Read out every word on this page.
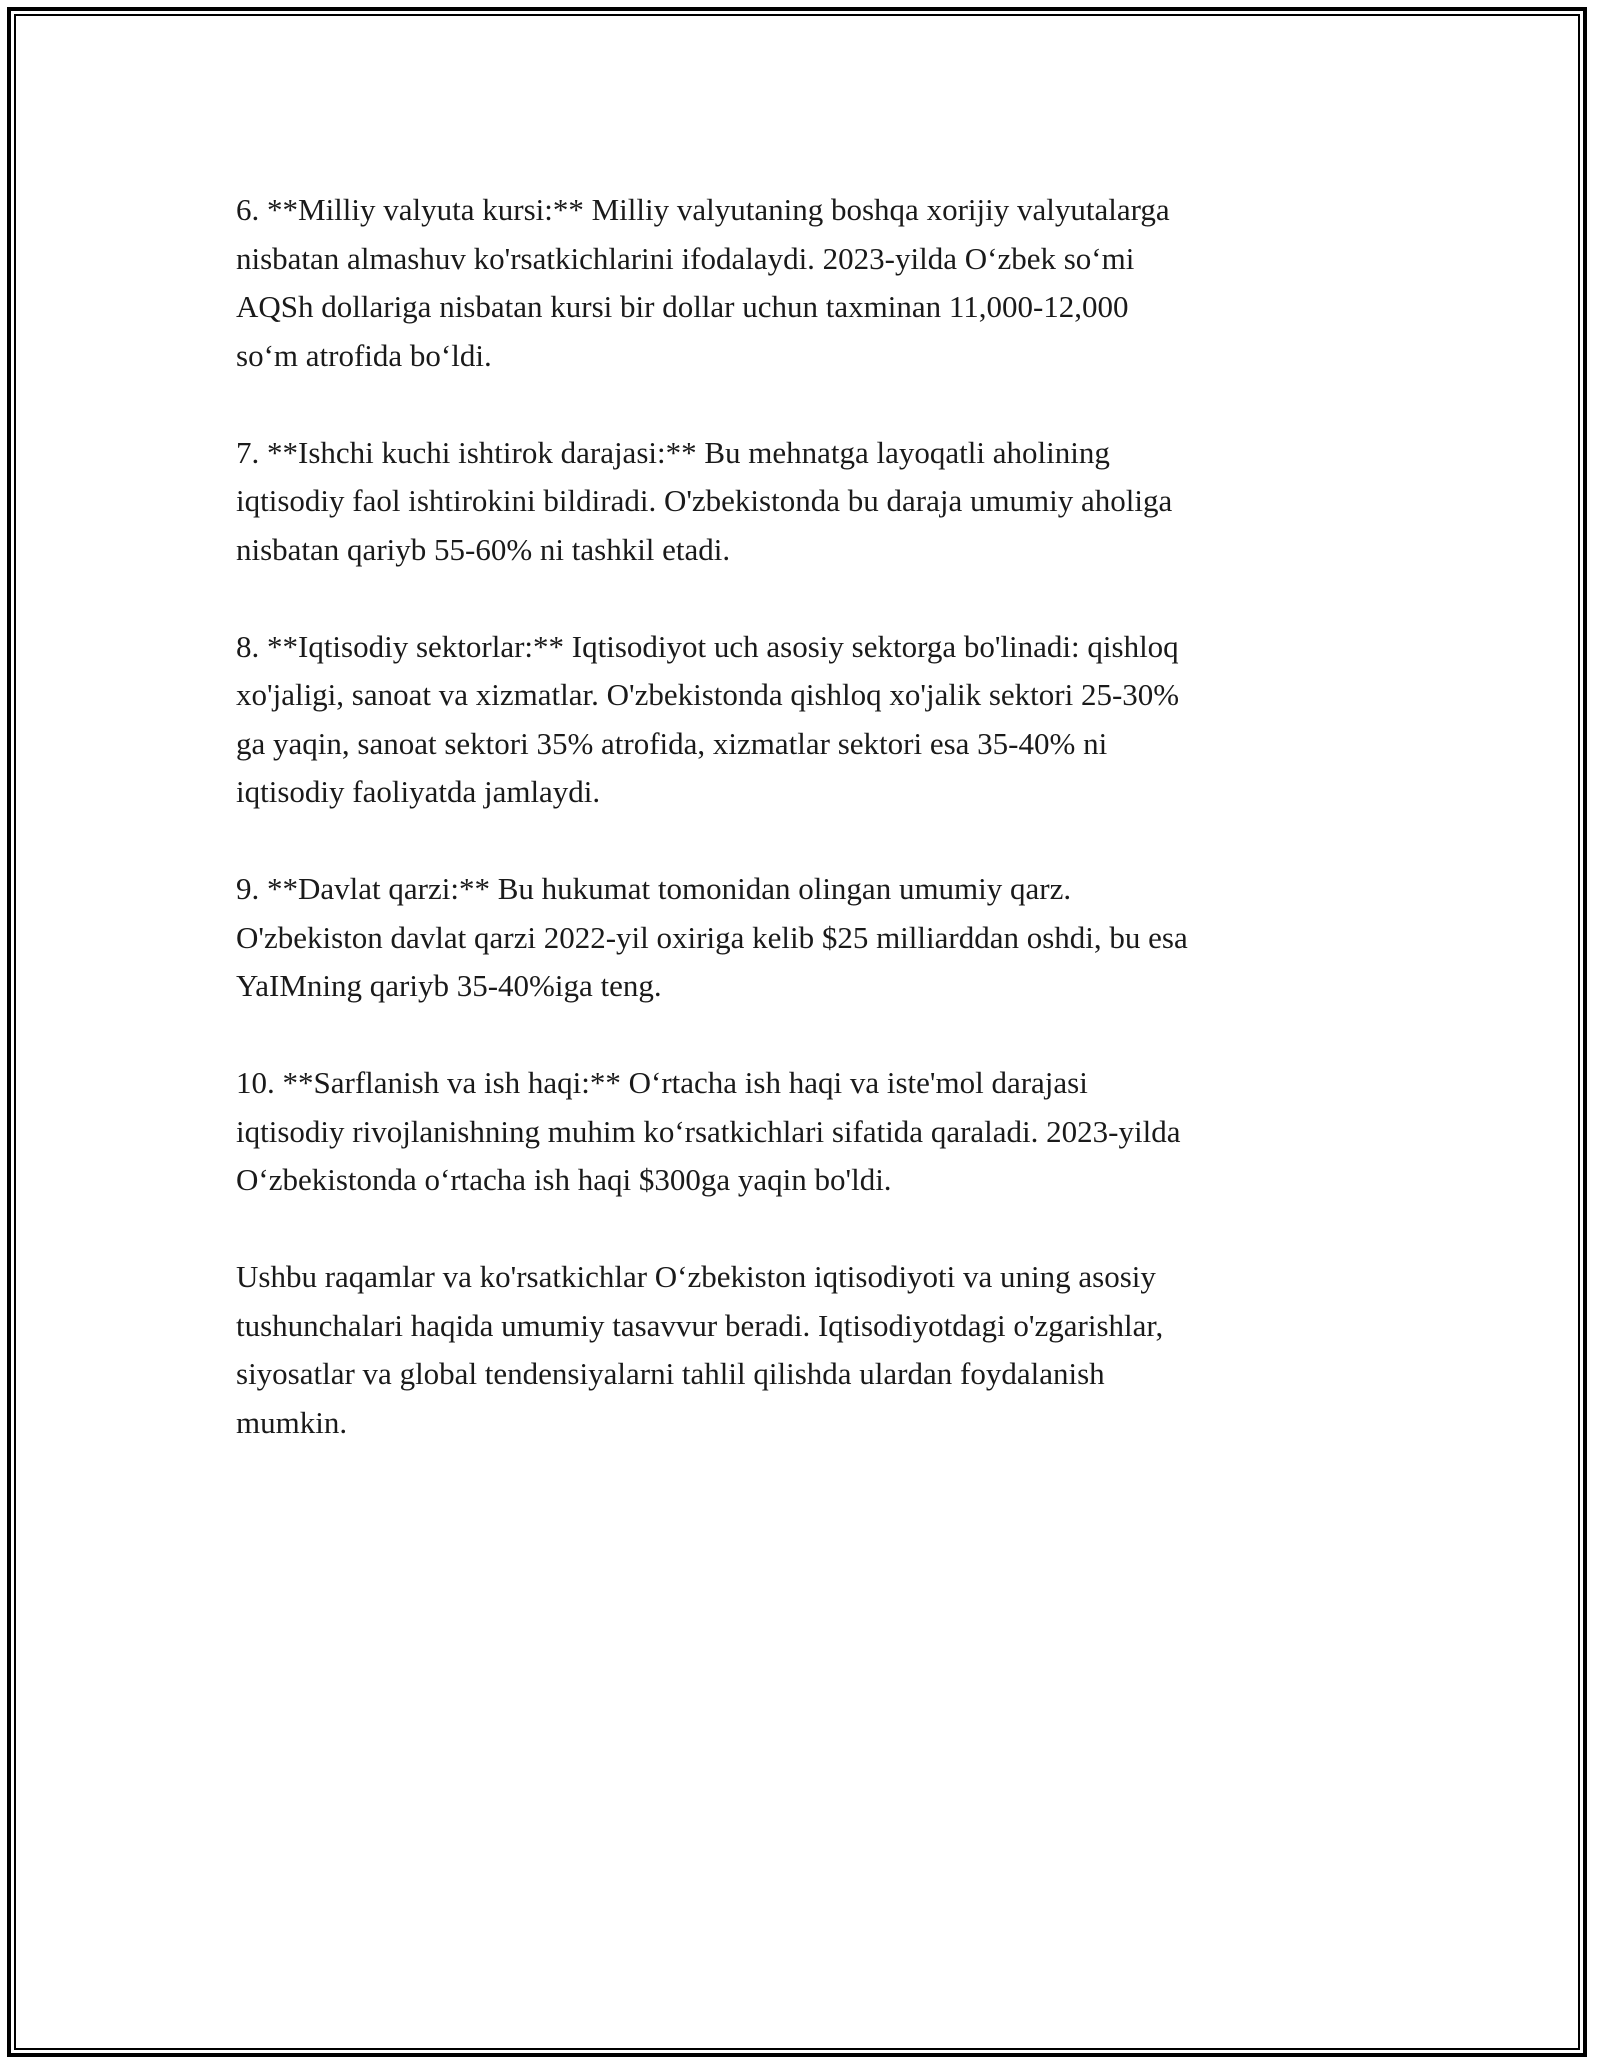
6. **Milliy valyuta kursi:** Milliy valyutaning boshqa xorijiy valyutalarga
nisbatan almashuv ko'rsatkichlarini ifodalaydi. 2023-yilda O‘zbek so‘mi
AQSh dollariga nisbatan kursi bir dollar uchun taxminan 11,000-12,000
so‘m atrofida bo‘ldi.

7. **Ishchi kuchi ishtirok darajasi:** Bu mehnatga layoqatli aholining
iqtisodiy faol ishtirokini bildiradi. O'zbekistonda bu daraja umumiy aholiga
nisbatan qariyb 55-60% ni tashkil etadi.

8. **Iqtisodiy sektorlar:** Iqtisodiyot uch asosiy sektorga bo'linadi: qishloq
xo'jaligi, sanoat va xizmatlar. O'zbekistonda qishloq xo'jalik sektori 25-30%
ga yaqin, sanoat sektori 35% atrofida, xizmatlar sektori esa 35-40% ni
iqtisodiy faoliyatda jamlaydi.

9. **Davlat qarzi:** Bu hukumat tomonidan olingan umumiy qarz.
O'zbekiston davlat qarzi 2022-yil oxiriga kelib $25 milliarddan oshdi, bu esa
YaIMning qariyb 35-40%iga teng.

10. **Sarflanish va ish haqi:** O‘rtacha ish haqi va iste'mol darajasi
iqtisodiy rivojlanishning muhim ko‘rsatkichlari sifatida qaraladi. 2023-yilda
O‘zbekistonda o‘rtacha ish haqi $300ga yaqin bo'ldi.

Ushbu raqamlar va ko'rsatkichlar O‘zbekiston iqtisodiyoti va uning asosiy
tushunchalari haqida umumiy tasavvur beradi. Iqtisodiyotdagi o'zgarishlar,
siyosatlar va global tendensiyalarni tahlil qilishda ulardan foydalanish
mumkin.
